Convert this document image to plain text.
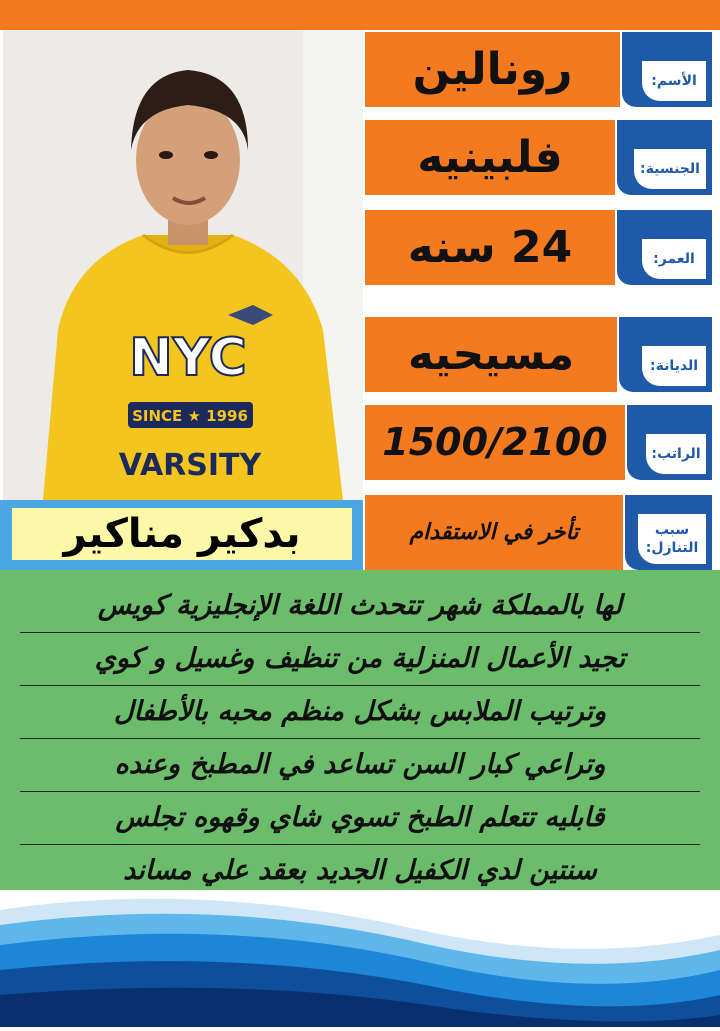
NYC
SINCE ★ 1996
VARSITY
بدكير مناكير
رونالين	الأسم:
فلبينيه	الجنسية:
24 سنه	العمر:
مسيحيه	الديانة:
1500/2100	الراتب:
تأخر في الاستقدام	سبب التنازل:
لها بالمملكة شهر تتحدث اللغة الإنجليزية كويس
تجيد الأعمال المنزلية من تنظيف وغسيل و كوي
وترتيب الملابس بشكل منظم محبه بالأطفال
وتراعي كبار السن تساعد في المطبخ وعنده
قابليه تتعلم الطبخ تسوي شاي وقهوه تجلس
سنتين لدي الكفيل الجديد بعقد علي مساند
